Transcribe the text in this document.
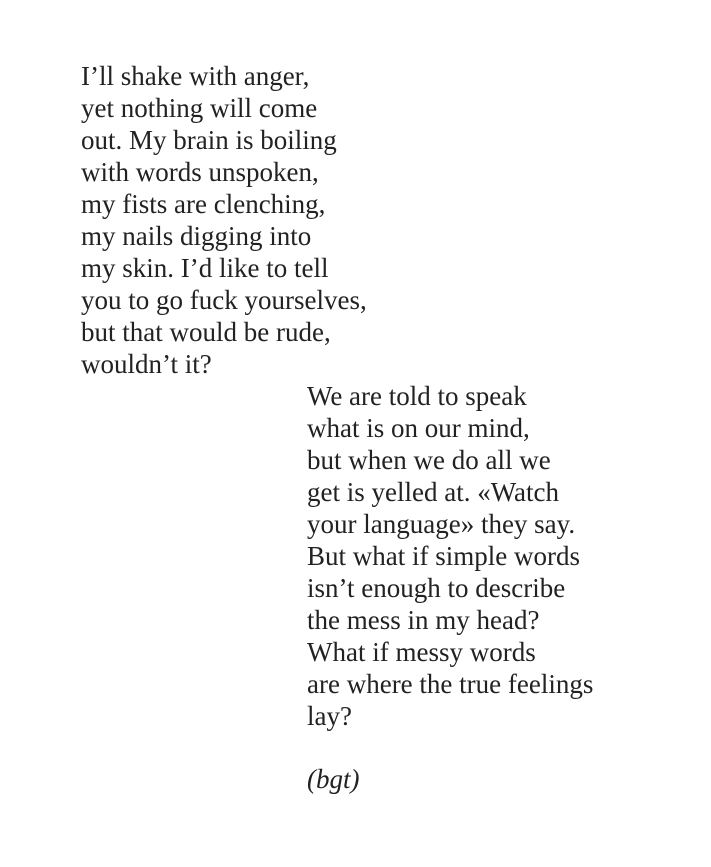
I’ll shake with anger,
yet nothing will come
out. My brain is boiling
with words unspoken,
my fists are clenching,
my nails digging into
my skin. I’d like to tell
you to go fuck yourselves,
but that would be rude,
wouldn’t it?
We are told to speak
what is on our mind,
but when we do all we
get is yelled at. «Watch
your language» they say.
But what if simple words
isn’t enough to describe
the mess in my head?
What if messy words
are where the true feelings
lay?
(bgt)
